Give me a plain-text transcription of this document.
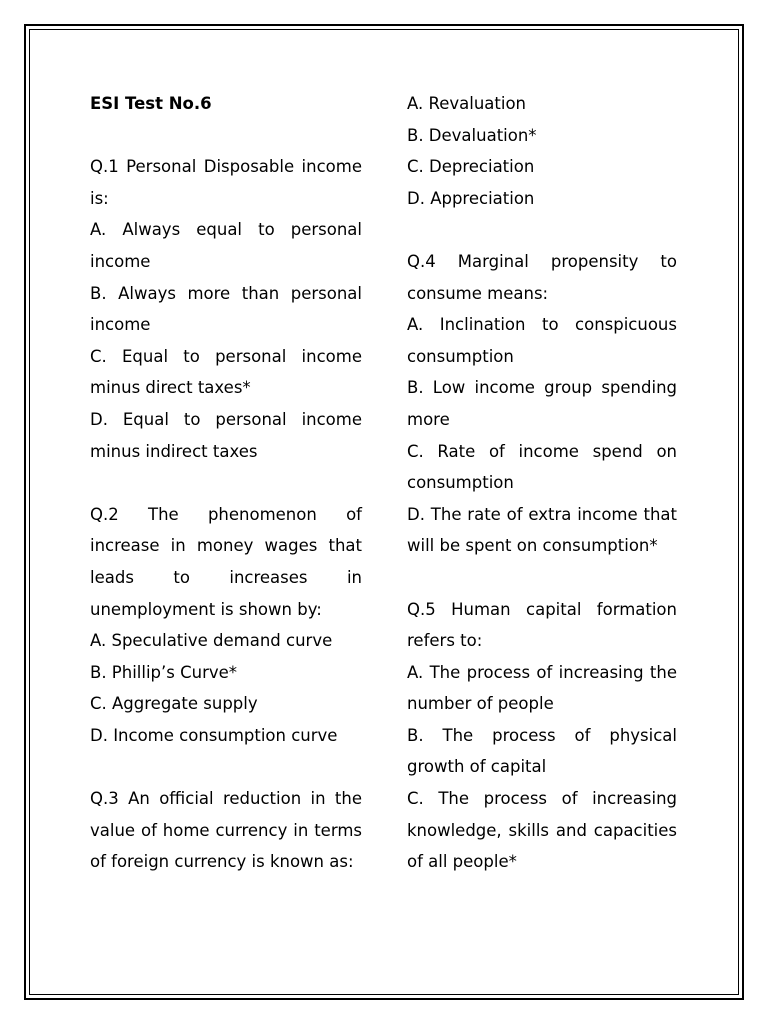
ESI Test No.6

Q.1 Personal Disposable income is:

A. Always equal to personal income

B. Always more than personal income

C. Equal to personal income minus direct taxes*

D. Equal to personal income minus indirect taxes

Q.2 The phenomenon of increase in money wages that leads to increases in unemployment is shown by:

A. Speculative demand curve

B. Phillip’s Curve*

C. Aggregate supply

D. Income consumption curve

Q.3 An official reduction in the value of home currency in terms of foreign currency is known as:

A. Revaluation

B. Devaluation*

C. Depreciation

D. Appreciation

Q.4 Marginal propensity to consume means:

A. Inclination to conspicuous consumption

B. Low income group spending more

C. Rate of income spend on consumption

D. The rate of extra income that will be spent on consumption*

Q.5 Human capital formation refers to:

A. The process of increasing the number of people

B. The process of physical growth of capital

C. The process of increasing knowledge, skills and capacities of all people*
